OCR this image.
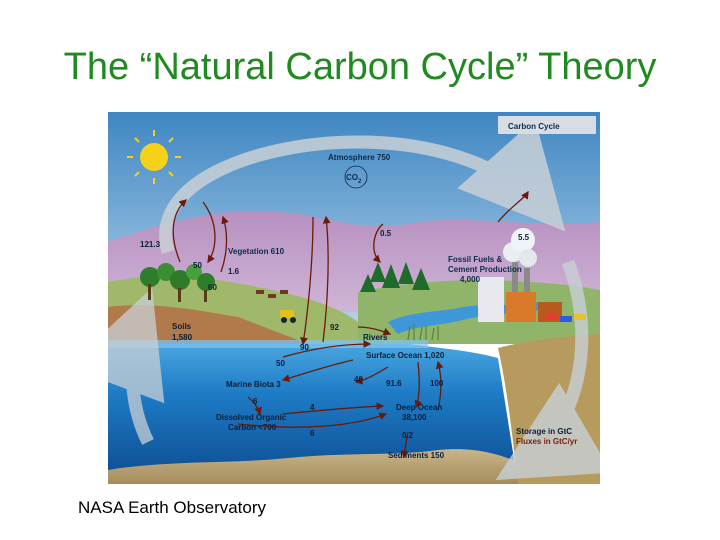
The “Natural Carbon Cycle” Theory
Carbon Cycle
Atmosphere 750
$CO_2$
Vegetation 610
Soils
1,580
Fossil Fuels &
Cement Production
4,000
Rivers
Surface Ocean 1,020
Marine Biota 3
Dissolved Organic
Carbon <700
Deep Ocean
38,100
Sediments 150
Storage in GtC
Fluxes in GtC/yr
121.3
50
1.6
60
0.5	5.5
92
90
50
40	91.6	100
6
4
6	0.2
NASA Earth Observatory
